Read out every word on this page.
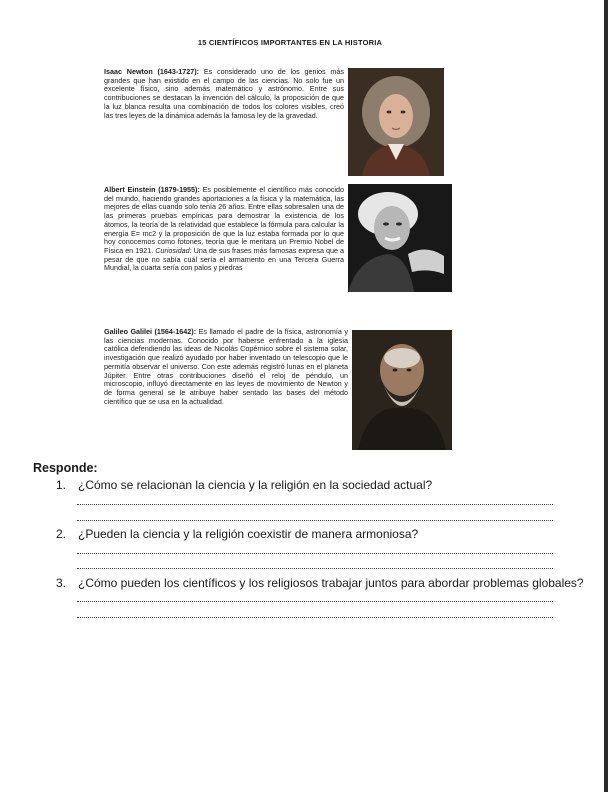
15 CIENTÍFICOS IMPORTANTES EN LA HISTORIA
Isaac Newton (1643-1727): Es considerado uno de los genios más grandes que han existido en el campo de las ciencias. No solo fue un excelente físico, sino además matemático y astrónomo. Entre sus contribuciones se destacan la invención del cálculo, la proposición de que la luz blanca resulta una combinación de todos los colores visibles, creó las tres leyes de la dinámica además la famosa ley de la gravedad.
Albert Einstein (1879-1955): Es posiblemente el científico más conocido del mundo, haciendo grandes aportaciones a la física y la matemática, las mejores de ellas cuando solo tenía 26 años. Entre ellas sobresalen una de las primeras pruebas empíricas para demostrar la existencia de los átomos, la teoría de la relatividad que establece la fórmula para calcular la energía E= mc2 y la proposición de que la luz estaba formada por lo que hoy conocemos como fotones, teoría que le meritara un Premio Nobel de Física en 1921. Curiosidad: Una de sus frases más famosas expresa que a pesar de que no sabía cuál sería el armamento en una Tercera Guerra Mundial, la cuarta sería con palos y piedras
Galileo Galilei (1564-1642): Es llamado el padre de la física, astronomía y las ciencias modernas. Conocido por haberse enfrentado a la iglesia católica defendiendo las ideas de Nicolás Copérnico sobre el sistema solar, investigación que realizó ayudado por haber inventado un telescopio que le permitía observar el universo. Con este además registró lunas en el planeta Júpiter. Entre otras contribuciones diseñó el reloj de péndulo, un microscopio, influyó directamente en las leyes de movimiento de Newton y de forma general se le atribuye haber sentado las bases del método científico que se usa en la actualidad.
Responde:
1. ¿Cómo se relacionan la ciencia y la religión en la sociedad actual?
2. ¿Pueden la ciencia y la religión coexistir de manera armoniosa?
3. ¿Cómo pueden los científicos y los religiosos trabajar juntos para abordar problemas globales?
